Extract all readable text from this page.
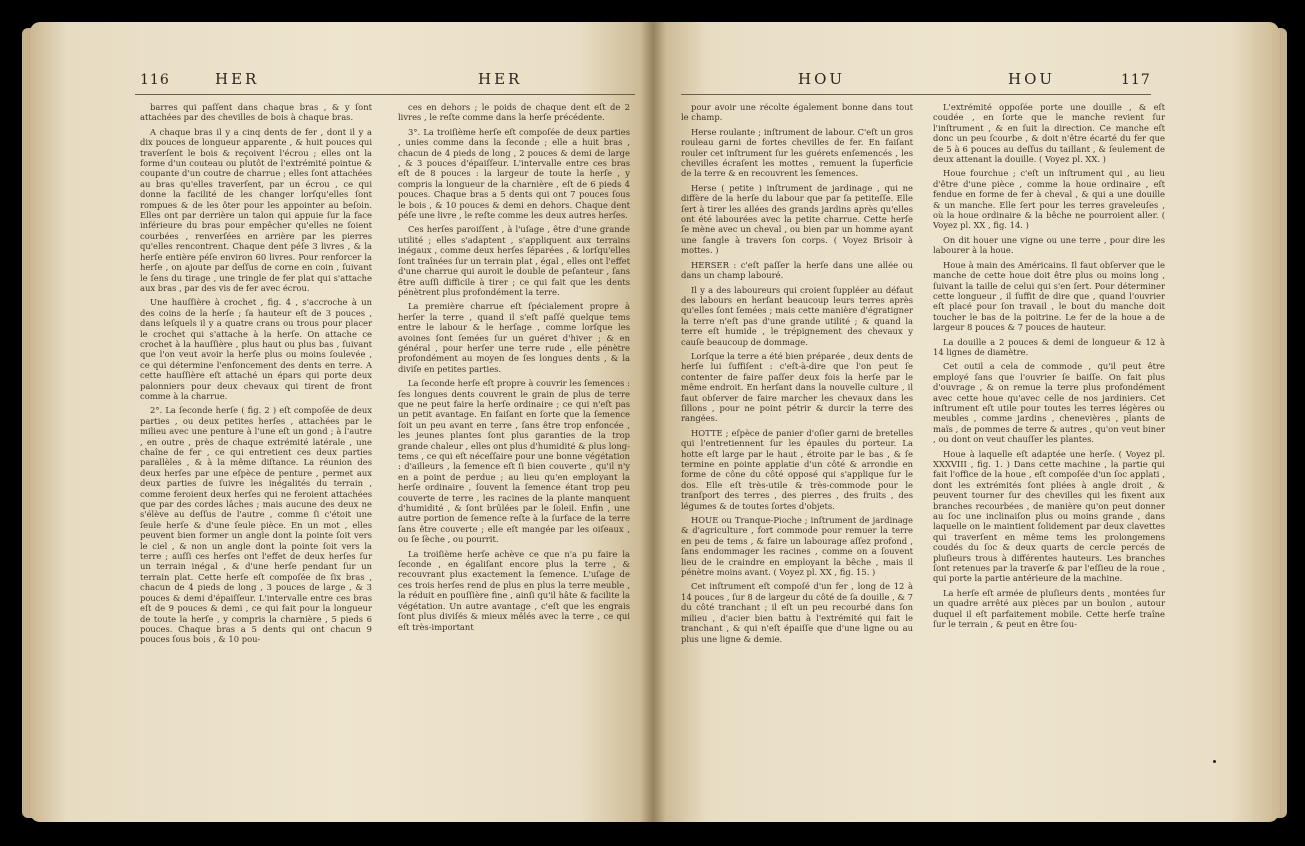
116	HER	HER

barres qui paſſent dans chaque bras , & y ſont attachées par des chevilles de bois à chaque bras.

A chaque bras il y a cinq dents de fer , dont il y a dix pouces de longueur apparente , & huit pouces qui traverſent le bois & reçoivent l'écrou ; elles ont la forme d'un couteau ou plutôt de l'extrémité pointue & coupante d'un coutre de charrue ; elles ſont attachées au bras qu'elles traverſent, par un écrou , ce qui donne la facilité de les changer lorſqu'elles ſont rompues & de les ôter pour les appointer au beſoin. Elles ont par derrière un talon qui appuie ſur la face inférieure du bras pour empêcher qu'elles ne ſoient courbées , renverſées en arrière par les pierres qu'elles rencontrent. Chaque dent péſe 3 livres , & la herſe entière péſe environ 60 livres. Pour renforcer la herſe , on ajoute par deſſus de corne en coin , ſuivant le ſens du tirage , une tringle de fer plat qui s'attache aux bras , par des vis de fer avec écrou.

Une hauſſière à crochet , fig. 4 , s'accroche à un des coins de la herſe ; ſa hauteur eſt de 3 pouces , dans leſquels il y a quatre crans ou trous pour placer le crochet qui s'attache à la herſe. On attache ce crochet à la hauſſière , plus haut ou plus bas , ſuivant que l'on veut avoir la herſe plus ou moins ſoulevée , ce qui détermine l'enfoncement des dents en terre. A cette hauſſière eſt attaché un épars qui porte deux palonniers pour deux chevaux qui tirent de front comme à la charrue.

2°. La ſeconde herſe ( fig. 2 ) eſt compoſée de deux parties , ou deux petites herſes , attachées par le milieu avec une penture à l'une eſt un gond ; à l'autre , en outre , près de chaque extrémité latérale , une chaîne de fer , ce qui entretient ces deux parties parallèles , & à la même diſtance. La réunion des deux herſes par une eſpèce de penture , permet aux deux parties de ſuivre les inégalités du terrain , comme feroient deux herſes qui ne feroient attachées que par des cordes lâches ; mais aucune des deux ne s'élève au deſſus de l'autre , comme ſi c'étoit une ſeule herſe & d'une ſeule pièce. En un mot , elles peuvent bien former un angle dont la pointe ſoit vers le ciel , & non un angle dont la pointe ſoit vers la terre ; auſſi ces herſes ont l'effet de deux herſes ſur un terrain inégal , & d'une herſe pendant ſur un terrain plat. Cette herſe eſt compoſée de ſix bras , chacun de 4 pieds de long , 3 pouces de large , & 3 pouces & demi d'épaiſſeur. L'intervalle entre ces bras eſt de 9 pouces & demi , ce qui fait pour la longueur de toute la herſe , y compris la charnière , 5 pieds 6 pouces. Chaque bras a 5 dents qui ont chacun 9 pouces ſous bois , & 10 pou-

ces en dehors ; le poids de chaque dent eſt de 2 livres , le reſte comme dans la herſe précédente.

3°. La troiſième herſe eſt compoſée de deux parties , unies comme dans la ſeconde ; elle a huit bras , chacun de 4 pieds de long , 2 pouces & demi de large , & 3 pouces d'épaiſſeur. L'intervalle entre ces bras eſt de 8 pouces : la largeur de toute la herſe , y compris la longueur de la charnière , eſt de 6 pieds 4 pouces. Chaque bras a 5 dents qui ont 7 pouces ſous le bois , & 10 pouces & demi en dehors. Chaque dent péſe une livre , le reſte comme les deux autres herſes.

Ces herſes paroiſſent , à l'uſage , être d'une grande utilité ; elles s'adaptent , s'appliquent aux terrains inégaux , comme deux herſes ſéparées , & lorſqu'elles ſont traînées ſur un terrain plat , égal , elles ont l'effet d'une charrue qui auroit le double de peſanteur , ſans être auſſi difficile à tirer ; ce qui fait que les dents pénètrent plus profondément la terre.

La première charrue eſt ſpécialement propre à herſer la terre , quand il s'eſt paſſé quelque tems entre le labour & le herſage , comme lorſque les avoines ſont ſemées ſur un guéret d'hiver ; & en général , pour herſer une terre rude , elle pénètre profondément au moyen de ſes longues dents , & la diviſe en petites parties.

La ſeconde herſe eſt propre à couvrir les ſemences : ſes longues dents couvrent le grain de plus de terre que ne peut faire la herſe ordinaire ; ce qui n'eſt pas un petit avantage. En faiſant en ſorte que la ſemence ſoit un peu avant en terre , ſans être trop enfoncée , les jeunes plantes ſont plus garanties de la trop grande chaleur , elles ont plus d'humidité & plus long-tems , ce qui eſt néceſſaire pour une bonne végétation : d'ailleurs , la ſemence eſt ſi bien couverte , qu'il n'y en a point de perdue ; au lieu qu'en employant la herſe ordinaire , ſouvent la ſemence étant trop peu couverte de terre , les racines de la plante manquent d'humidité , & ſont brûlées par le ſoleil. Enfin , une autre portion de ſemence reſte à la ſurface de la terre ſans être couverte ; elle eſt mangée par les oiſeaux , ou ſe ſèche , ou pourrit.

La troiſième herſe achève ce que n'a pu faire la ſeconde , en égaliſant encore plus la terre , & recouvrant plus exactement la ſemence. L'uſage de ces trois herſes rend de plus en plus la terre meuble , la réduit en pouſſière fine , ainſi qu'il hâte & facilite la végétation. Un autre avantage , c'eſt que les engrais ſont plus diviſés & mieux mêlés avec la terre , ce qui eſt très-important

HOU	HOU	117

pour avoir une récolte également bonne dans tout le champ.

Herse roulante ; inſtrument de labour. C'eſt un gros rouleau garni de fortes chevilles de fer. En faiſant rouler cet inſtrument ſur les guérets enſemencés , les chevilles écraſent les mottes , remuent la ſuperficie de la terre & en recouvrent les ſemences.

Herse ( petite ) inſtrument de jardinage , qui ne diffère de la herſe du labour que par ſa petiteſſe. Elle ſert à tirer les allées des grands jardins après qu'elles ont été labourées avec la petite charrue. Cette herſe ſe mène avec un cheval , ou bien par un homme ayant une ſangle à travers ſon corps. ( Voyez Brisoir à mottes. )

HERSER : c'eſt paſſer la herſe dans une allée ou dans un champ labouré.

Il y a des laboureurs qui croient ſuppléer au défaut des labours en herſant beaucoup leurs terres après qu'elles ſont ſemées ; mais cette manière d'égratigner la terre n'eſt pas d'une grande utilité ; & quand la terre eſt humide , le trépignement des chevaux y cauſe beaucoup de dommage.

Lorſque la terre a été bien préparée , deux dents de herſe lui ſuffiſent : c'eſt-à-dire que l'on peut ſe contenter de faire paſſer deux fois la herſe par le même endroit. En herſant dans la nouvelle culture , il faut obſerver de faire marcher les chevaux dans les ſillons , pour ne point pétrir & durcir la terre des rangées.

HOTTE ; eſpèce de panier d'oſier garni de bretelles qui l'entretiennent ſur les épaules du porteur. La hotte eſt large par le haut , étroite par le bas , & ſe termine en pointe applatie d'un côté & arrondie en forme de cône du côté opposé qui s'applique ſur le dos. Elle eſt très-utile & très-commode pour le tranſport des terres , des pierres , des fruits , des légumes & de toutes ſortes d'objets.

HOUE ou Tranque-Pioche ; inſtrument de jardinage & d'agriculture , fort commode pour remuer la terre en peu de tems , & faire un labourage aſſez profond , ſans endommager les racines , comme on a ſouvent lieu de le craindre en employant la bêche , mais il pénètre moins avant. ( Voyez pl. XX , fig. 15. )

Cet inſtrument eſt compoſé d'un fer , long de 12 à 14 pouces , ſur 8 de largeur du côté de ſa douille , & 7 du côté tranchant ; il eſt un peu recourbé dans ſon milieu , d'acier bien battu à l'extrémité qui fait le tranchant , & qui n'eſt épaiſſe que d'une ligne ou au plus une ligne & demie.

L'extrémité oppoſée porte une douille , & eſt coudée , en ſorte que le manche revient ſur l'inſtrument , & en ſuit la direction. Ce manche eſt donc un peu ſcourbe , & doit n'être écarté du fer que de 5 à 6 pouces au deſſus du taillant , & ſeulement de deux attenant la douille. ( Voyez pl. XX. )

Houe fourchue ; c'eſt un inſtrument qui , au lieu d'être d'une pièce , comme la houe ordinaire , eſt fendue en forme de fer à cheval , & qui a une douille & un manche. Elle ſert pour les terres graveleuſes , où la houe ordinaire & la bêche ne pourroient aller. ( Voyez pl. XX , fig. 14. )

On dit houer une vigne ou une terre , pour dire les labourer à la houe.

Houe à main des Américains. Il faut obſerver que le manche de cette houe doit être plus ou moins long , ſuivant la taille de celui qui s'en ſert. Pour déterminer cette longueur , il ſuffit de dire que , quand l'ouvrier eſt placé pour ſon travail , le bout du manche doit toucher le bas de la poitrine. Le fer de la houe a de largeur 8 pouces & 7 pouces de hauteur.

La douille a 2 pouces & demi de longueur & 12 à 14 lignes de diamètre.

Cet outil a cela de commode , qu'il peut être employé ſans que l'ouvrier ſe baiſſe. On fait plus d'ouvrage , & on remue la terre plus profondément avec cette houe qu'avec celle de nos jardiniers. Cet inſtrument eſt utile pour toutes les terres légères ou meubles , comme jardins , chenevières , plants de maïs , de pommes de terre & autres , qu'on veut biner , ou dont on veut chauſſer les plantes.

Houe à laquelle eſt adaptée une herſe. ( Voyez pl. XXXVIII , fig. 1. ) Dans cette machine , la partie qui fait l'office de la houe , eſt compoſée d'un ſoc applati , dont les extrémités ſont pliées à angle droit , & peuvent tourner ſur des chevilles qui les fixent aux branches recourbées , de manière qu'on peut donner au ſoc une inclinaiſon plus ou moins grande , dans laquelle on le maintient ſolidement par deux clavettes qui traverſent en même tems les prolongemens coudés du ſoc & deux quarts de cercle percés de pluſieurs trous à différentes hauteurs. Les branches ſont retenues par la traverſe & par l'eſſieu de la roue , qui porte la partie antérieure de la machine.

La herſe eſt armée de pluſieurs dents , montées ſur un quadre arrêté aux pièces par un boulon , autour duquel il eſt parfaitement mobile. Cette herſe traîne ſur le terrain , & peut en être ſou-
